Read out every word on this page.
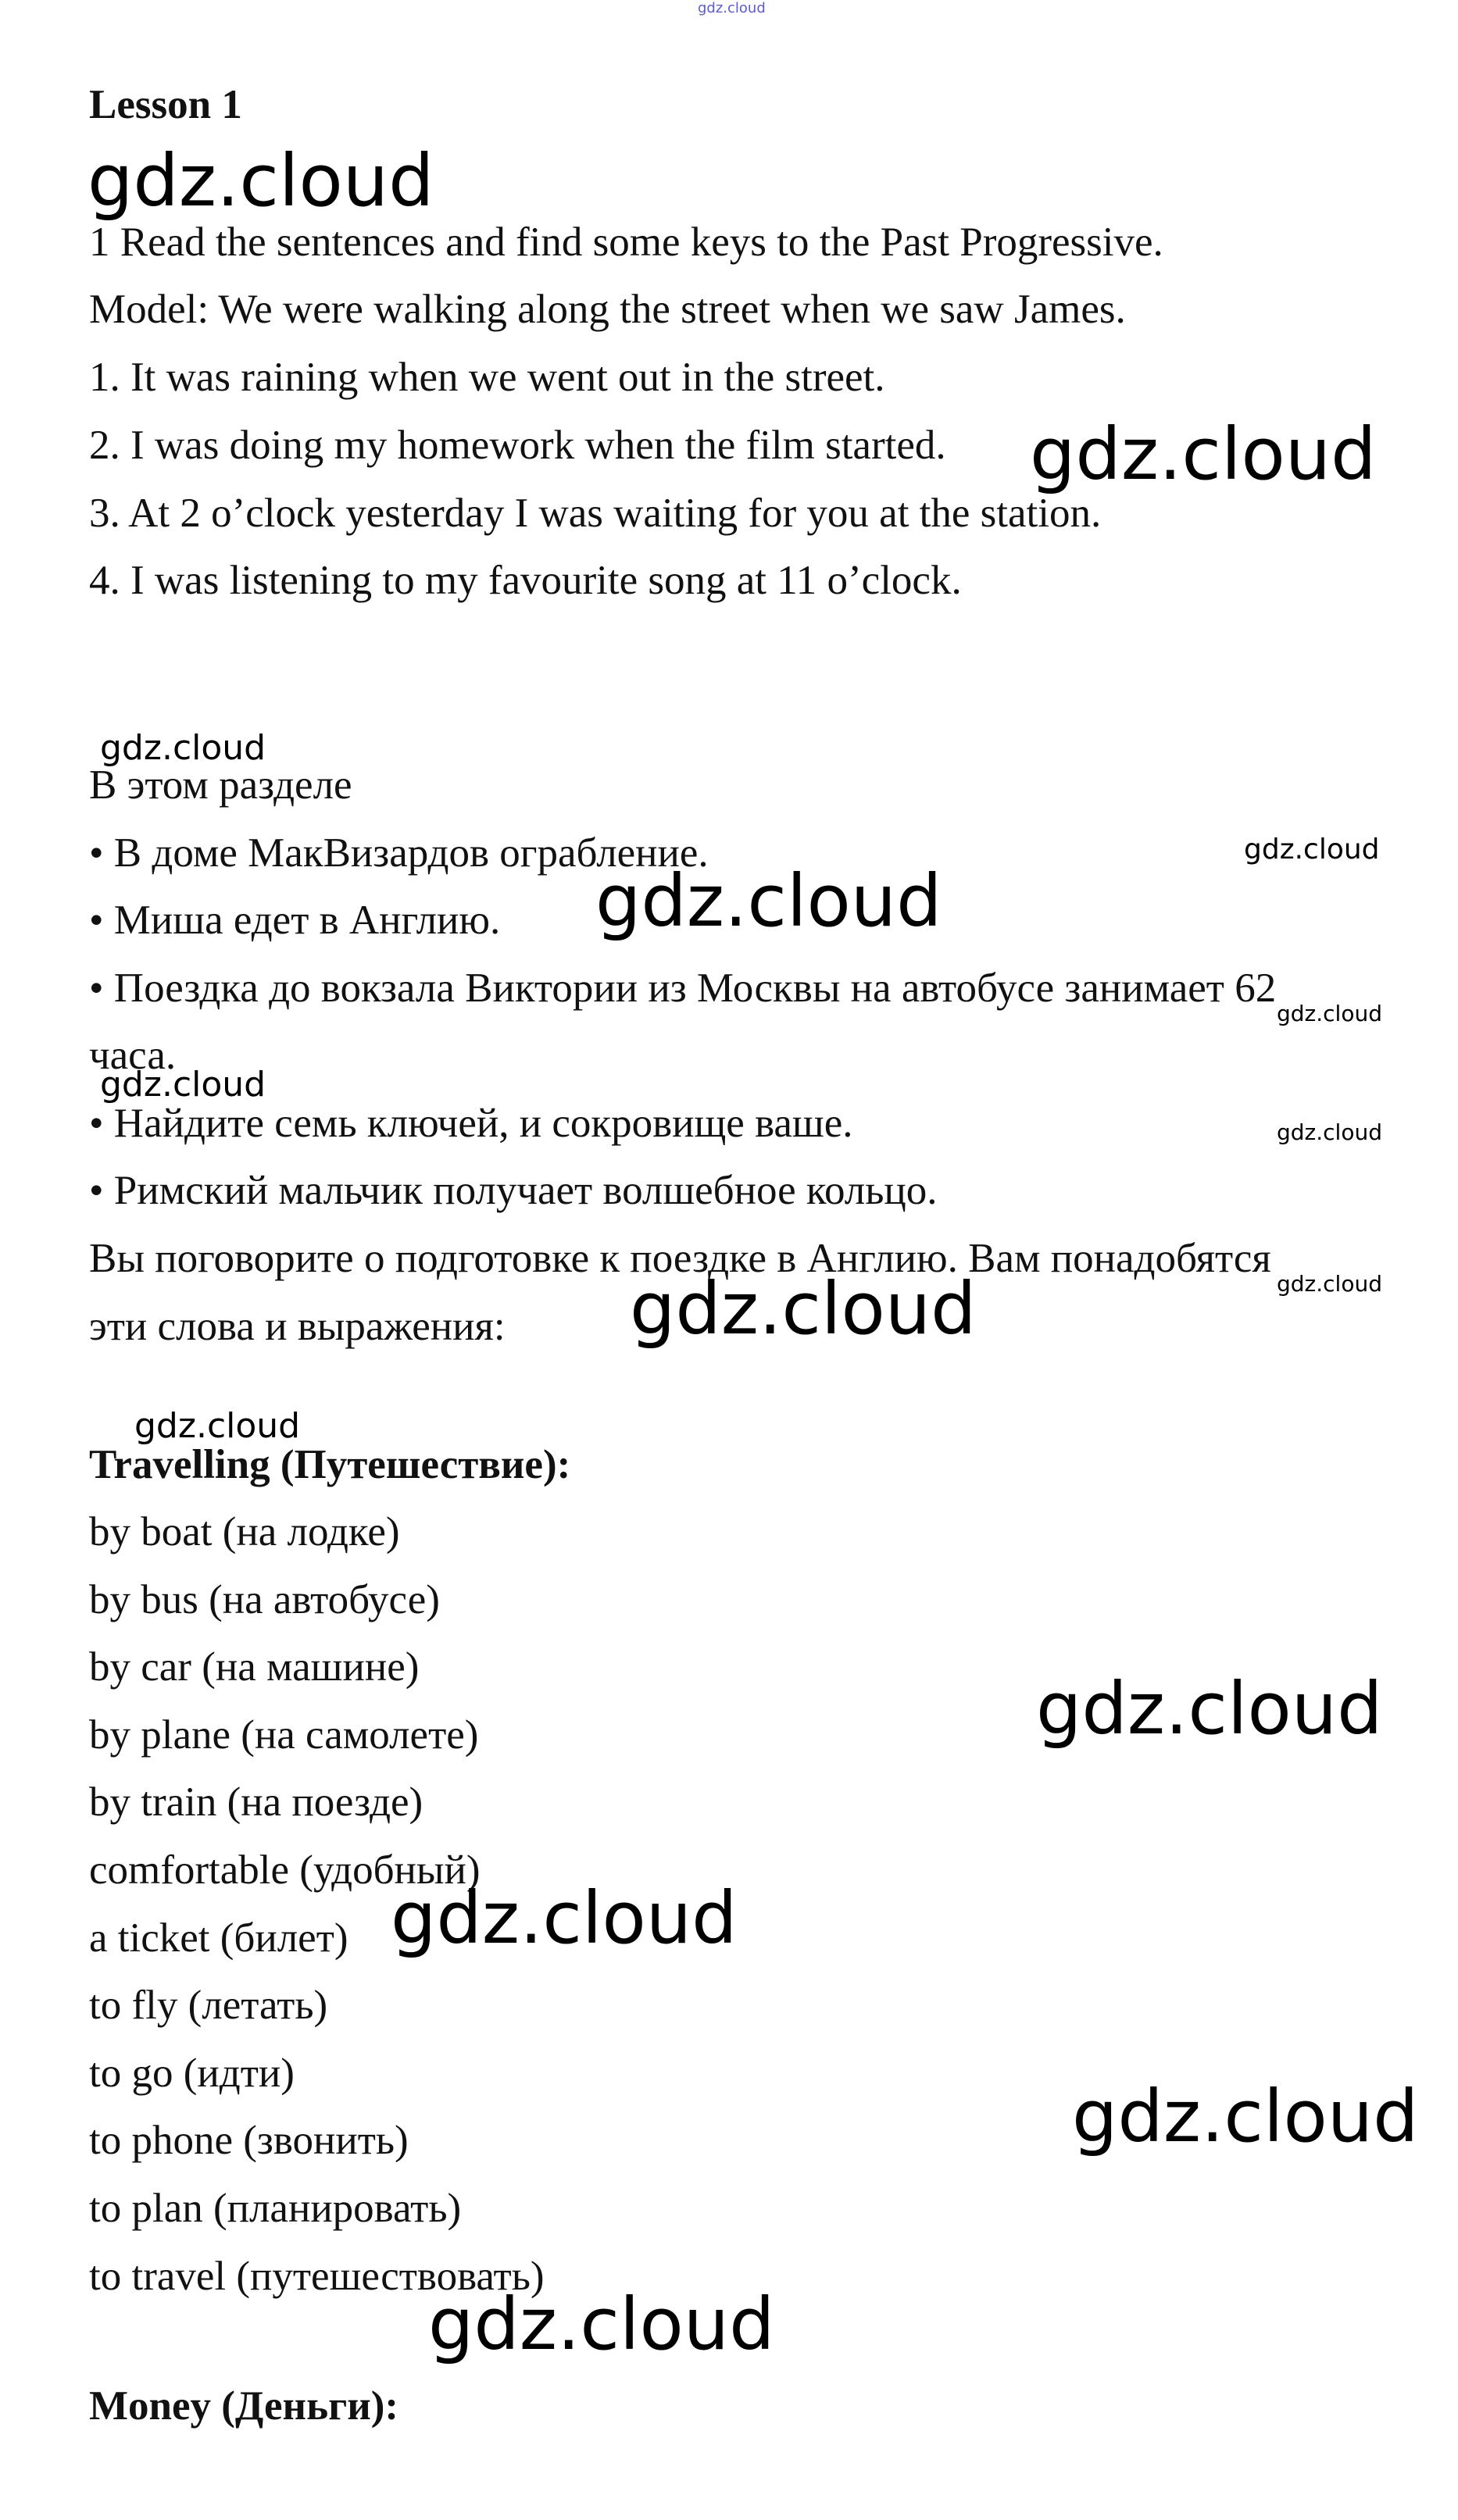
gdz.cloud
Lesson 1
gdz.cloud
1 Read the sentences and find some keys to the Past Progressive.
Model: We were walking along the street when we saw James.
1. It was raining when we went out in the street.
2. I was doing my homework when the film started.
3. At 2 o’clock yesterday I was waiting for you at the station.
4. I was listening to my favourite song at 11 o’clock.
gdz.cloud
gdz.cloud
В этом разделе
• В доме МакВизардов ограбление.	gdz.cloud
• Миша едет в Англию. gdz.cloud
• Поездка до вокзала Виктории из Москвы на автобусе занимает 62
gdz.cloud
часа.
gdz.cloud
• Найдите семь ключей, и сокровище ваше.	gdz.cloud
• Римский мальчик получает волшебное кольцо.
Вы поговорите о подготовке к поездке в Англию. Вам понадобятся
gdz.cloud
эти слова и выражения: gdz.cloud
gdz.cloud
Travelling (Путешествие):
by boat (на лодке)
by bus (на автобусе)
by car (на машине)
by plane (на самолете)	gdz.cloud
by train (на поезде)
comfortable (удобный)
a ticket (билет) gdz.cloud
to fly (летать)
to go (идти)
to phone (звонить)	gdz.cloud
to plan (планировать)
to travel (путешествовать)
gdz.cloud
Money (Деньги):
